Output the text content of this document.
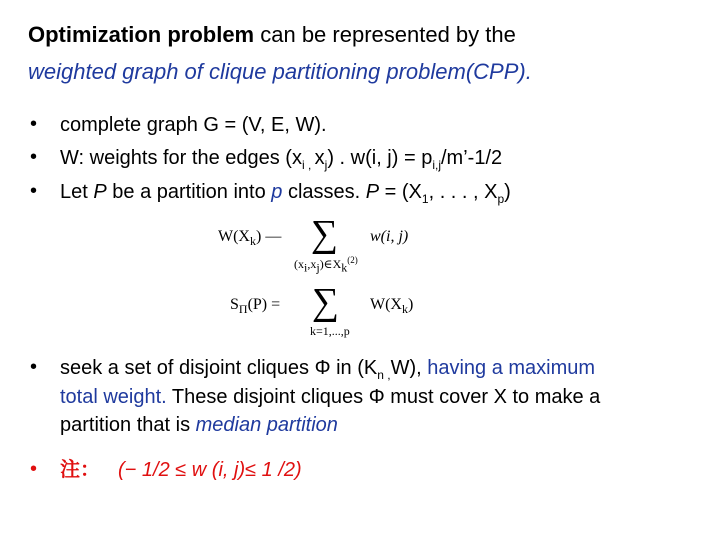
Optimization problem can be represented by the
weighted graph of clique partitioning problem(CPP).
• complete graph G = (V, E, W).
• W: weights for the edges ($x_{i ,}$ $x_j$) . w(i, $j) = p_{i,j}/m’-1/2$
• Let P be a partition into p classes. $P = (X_1$, . . . , $X_p$)
$W(X_k)$ — ∑
$(x_i,x_j)\in X_k^{(2)}$
w(i, j)
$S_\Pi(P)$ = ∑
k=1,...,p
$W(X_k)$
• seek a set of disjoint cliques Φ in $(K_{n ,}W)$, having a maximum
total weight. These disjoint cliques Φ must cover X to make a
partition that is median partition
• 注： (− 1/2 ≤ w (i, j)≤ 1 /2)
